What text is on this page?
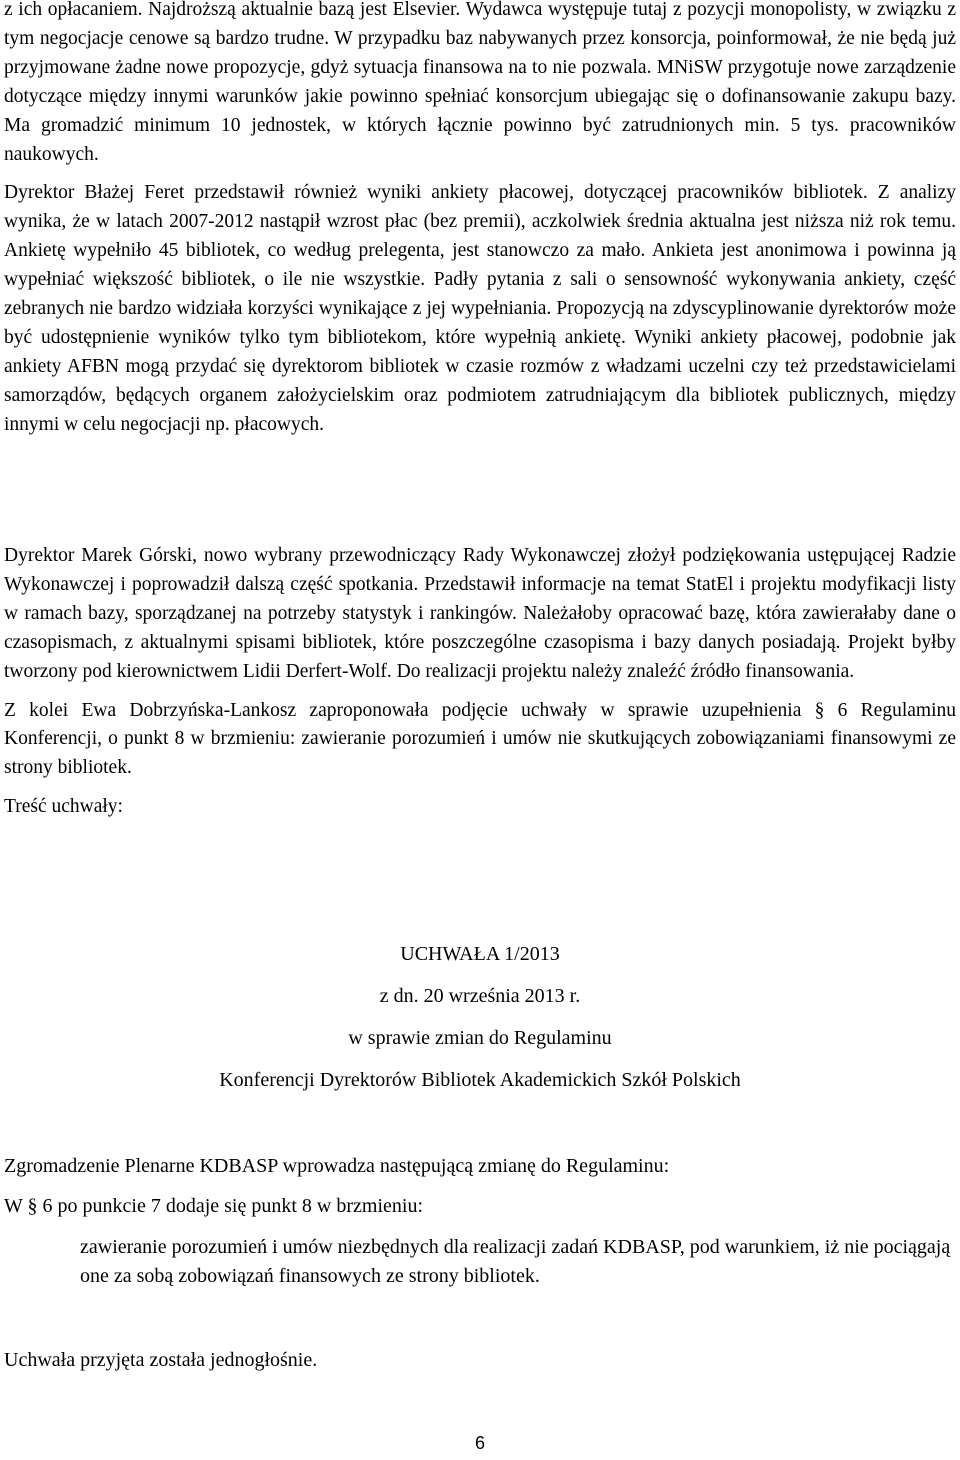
z ich opłacaniem. Najdroższą aktualnie bazą jest Elsevier. Wydawca występuje tutaj z pozycji monopolisty, w związku z tym negocjacje cenowe są bardzo trudne. W przypadku baz nabywanych przez konsorcja, poinformował, że nie będą już przyjmowane żadne nowe propozycje, gdyż sytuacja finansowa na to nie pozwala. MNiSW przygotuje nowe zarządzenie dotyczące między innymi warunków jakie powinno spełniać konsorcjum ubiegając się o dofinansowanie zakupu bazy. Ma gromadzić minimum 10 jednostek, w których łącznie powinno być zatrudnionych min. 5 tys. pracowników naukowych.

Dyrektor Błażej Feret przedstawił również wyniki ankiety płacowej, dotyczącej pracowników bibliotek. Z analizy wynika, że w latach 2007-2012 nastąpił wzrost płac (bez premii), aczkolwiek średnia aktualna jest niższa niż rok temu. Ankietę wypełniło 45 bibliotek, co według prelegenta, jest stanowczo za mało. Ankieta jest anonimowa i powinna ją wypełniać większość bibliotek, o ile nie wszystkie. Padły pytania z sali o sensowność wykonywania ankiety, część zebranych nie bardzo widziała korzyści wynikające z jej wypełniania. Propozycją na zdyscyplinowanie dyrektorów może być udostępnienie wyników tylko tym bibliotekom, które wypełnią ankietę. Wyniki ankiety płacowej, podobnie jak ankiety AFBN mogą przydać się dyrektorom bibliotek w czasie rozmów z władzami uczelni czy też przedstawicielami samorządów, będących organem założycielskim oraz podmiotem zatrudniającym dla bibliotek publicznych, między innymi w celu negocjacji np. płacowych.

Dyrektor Marek Górski, nowo wybrany przewodniczący Rady Wykonawczej złożył podziękowania ustępującej Radzie Wykonawczej i poprowadził dalszą część spotkania. Przedstawił informacje na temat StatEl i projektu modyfikacji listy w ramach bazy, sporządzanej na potrzeby statystyk i rankingów. Należałoby opracować bazę, która zawierałaby dane o czasopismach, z aktualnymi spisami bibliotek, które poszczególne czasopisma i bazy danych posiadają. Projekt byłby tworzony pod kierownictwem Lidii Derfert-Wolf. Do realizacji projektu należy znaleźć źródło finansowania.

Z kolei Ewa Dobrzyńska-Lankosz zaproponowała podjęcie uchwały w sprawie uzupełnienia § 6 Regulaminu Konferencji, o punkt 8 w brzmieniu: zawieranie porozumień i umów nie skutkujących zobowiązaniami finansowymi ze strony bibliotek.

Treść uchwały:

UCHWAŁA 1/2013

z dn. 20 września 2013 r.

w sprawie zmian do Regulaminu

Konferencji Dyrektorów Bibliotek Akademickich Szkół Polskich

Zgromadzenie Plenarne KDBASP wprowadza następującą zmianę do Regulaminu:

W § 6 po punkcie 7 dodaje się punkt 8 w brzmieniu:

zawieranie porozumień i umów niezbędnych dla realizacji zadań KDBASP, pod warunkiem, iż nie pociągają one za sobą zobowiązań finansowych ze strony bibliotek.

Uchwała przyjęta została jednogłośnie.

6
